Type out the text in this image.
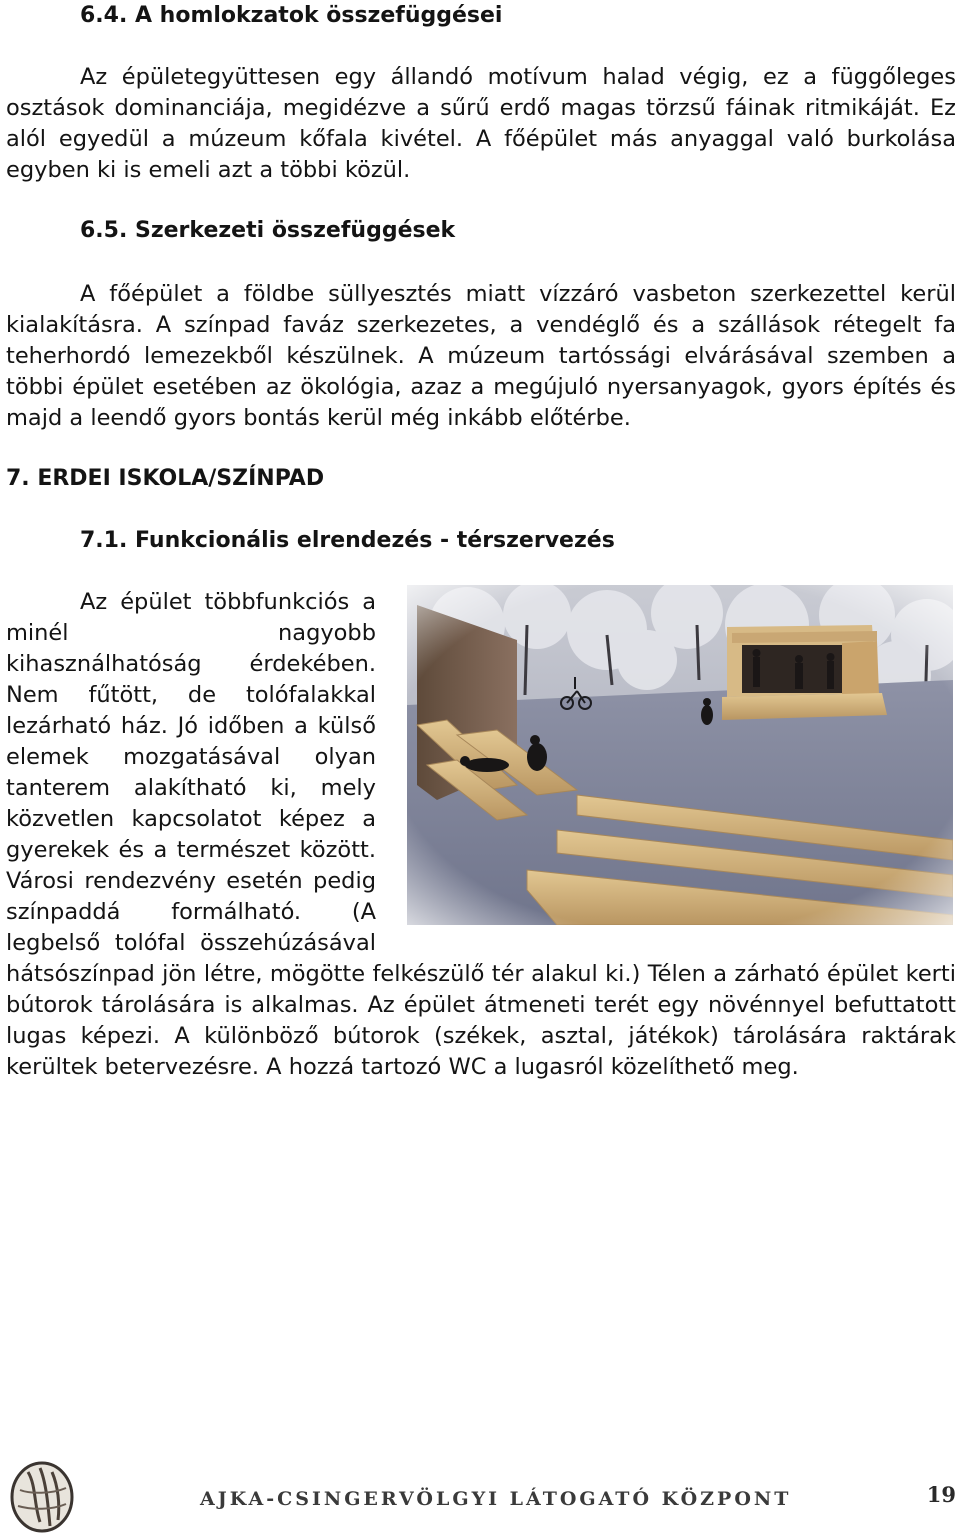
6.4. A homlokzatok összefüggései

Az épületegyüttesen egy állandó motívum halad végig, ez a függőleges osztások dominanciája, megidézve a sűrű erdő magas törzsű fáinak ritmikáját. Ez alól egyedül a múzeum kőfala kivétel. A főépület más anyaggal való burkolása egyben ki is emeli azt a többi közül.

6.5. Szerkezeti összefüggések

A főépület a földbe süllyesztés miatt vízzáró vasbeton szerkezettel kerül kialakításra. A színpad faváz szerkezetes, a vendéglő és a szállások rétegelt fa teherhordó lemezekből készülnek. A múzeum tartóssági elvárásával szemben a többi épület esetében az ökológia, azaz a megújuló nyersanyagok, gyors építés és majd a leendő gyors bontás kerül még inkább előtérbe.

7. ERDEI ISKOLA/SZÍNPAD
7.1. Funkcionális elrendezés - térszervezés
Az épület többfunkciós a minél nagyobb kihasználhatóság érdekében. Nem fűtött, de tolófalakkal lezárható ház. Jó időben a külső elemek mozgatásával olyan tanterem alakítható ki, mely közvetlen kapcsolatot képez a gyerekek és a természet között. Városi rendezvény esetén pedig színpaddá formálható. (A legbelső tolófal összehúzásával hátsószínpad jön létre, mögötte felkészülő tér alakul ki.) Télen a zárható épület kerti bútorok tárolására is alkalmas. Az épület átmeneti terét egy növénnyel befuttatott lugas képezi. A különböző bútorok (székek, asztal, játékok) tárolására raktárak kerültek betervezésre. A hozzá tartozó WC a lugasról közelíthető meg.
AJKA-CSINGERVÖLGYI LÁTOGATÓ KÖZPONT	19
